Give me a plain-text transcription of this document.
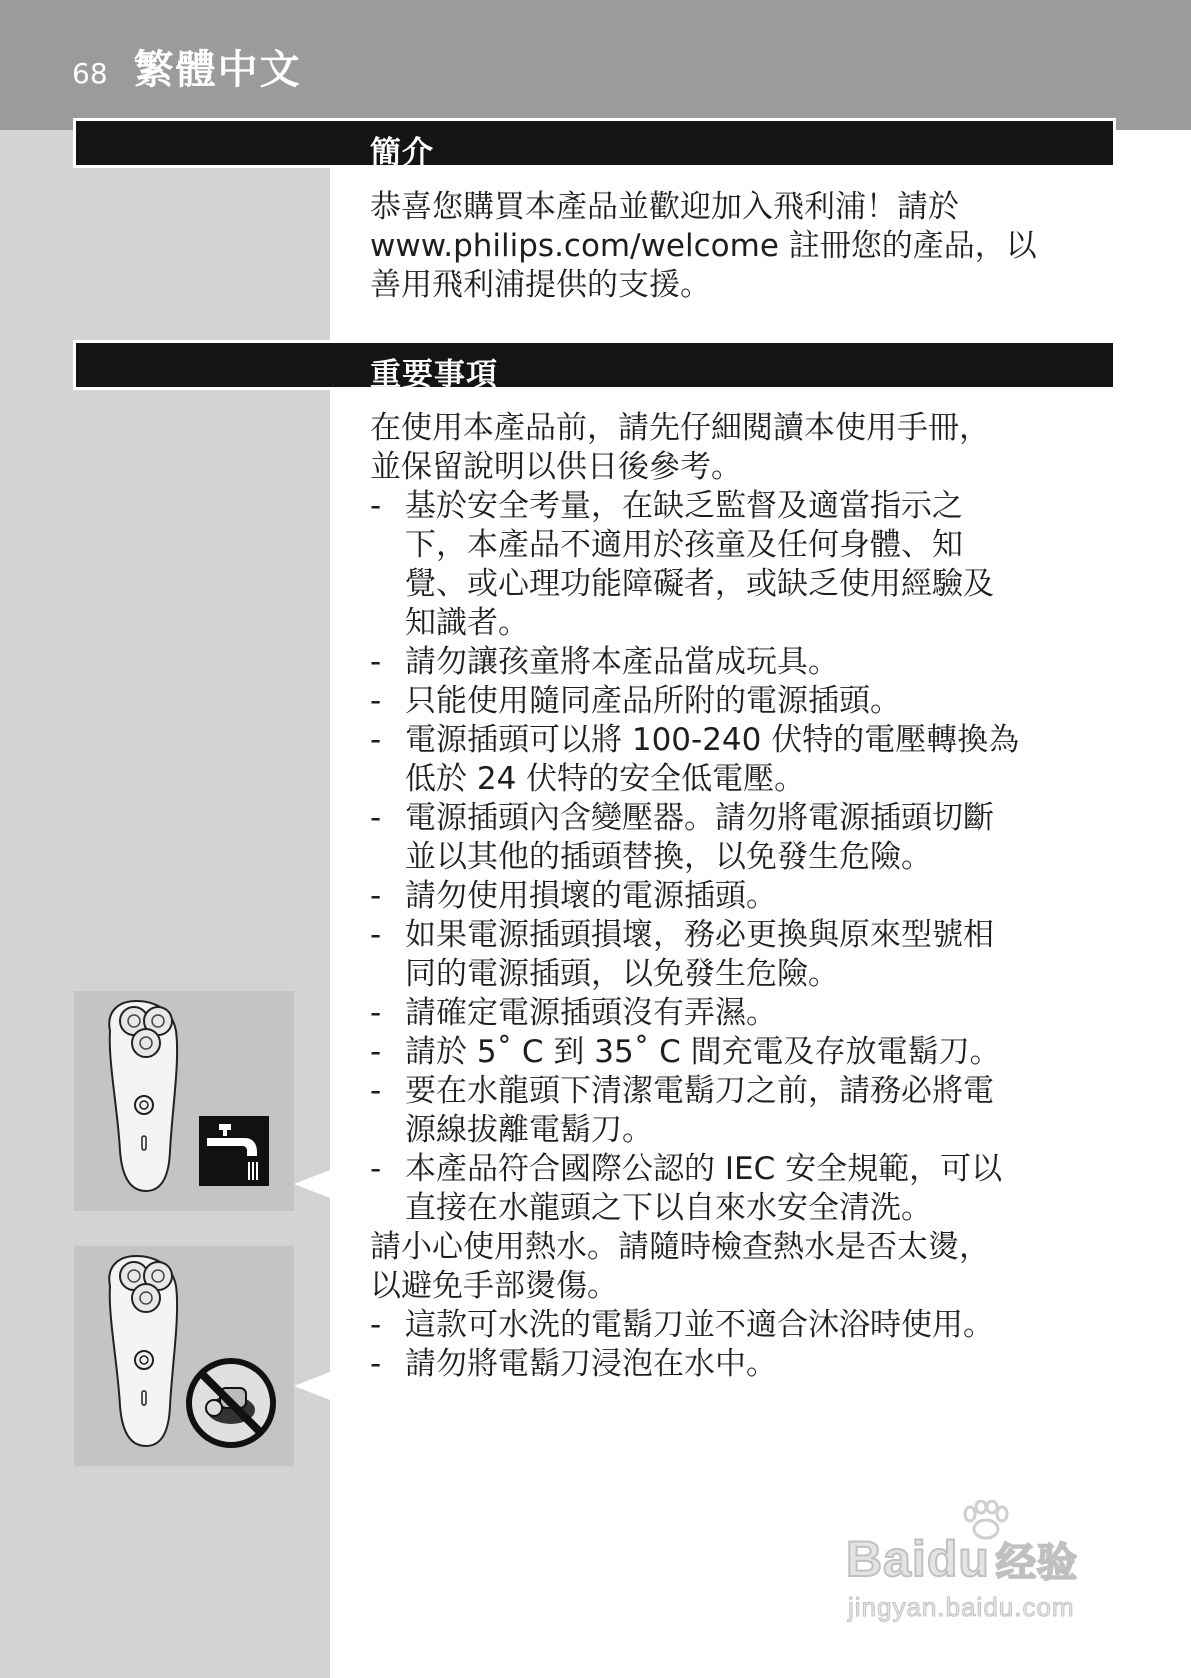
68 繁體中文
簡介

恭喜您購買本產品並歡迎加入飛利浦！請於

www.philips.com/welcome 註冊您的產品，以

善用飛利浦提供的支援。

重要事項

在使用本產品前，請先仔細閱讀本使用手冊，

並保留說明以供日後參考。

- 基於安全考量，在缺乏監督及適當指示之
下，本產品不適用於孩童及任何身體、知
覺、或心理功能障礙者，或缺乏使用經驗及
知識者。
- 請勿讓孩童將本產品當成玩具。
- 只能使用隨同產品所附的電源插頭。
- 電源插頭可以將 100-240 伏特的電壓轉換為
低於 24 伏特的安全低電壓。
- 電源插頭內含變壓器。請勿將電源插頭切斷
並以其他的插頭替換，以免發生危險。
- 請勿使用損壞的電源插頭。
- 如果電源插頭損壞，務必更換與原來型號相
同的電源插頭，以免發生危險。
- 請確定電源插頭沒有弄濕。
- 請於 5˚ C 到 35˚ C 間充電及存放電鬍刀。
- 要在水龍頭下清潔電鬍刀之前，請務必將電
源線拔離電鬍刀。
- 本產品符合國際公認的 IEC 安全規範，可以
直接在水龍頭之下以自來水安全清洗。

請小心使用熱水。請隨時檢查熱水是否太燙，

以避免手部燙傷。

- 這款可水洗的電鬍刀並不適合沐浴時使用。
- 請勿將電鬍刀浸泡在水中。
Baidu 经验
jingyan.baidu.com
